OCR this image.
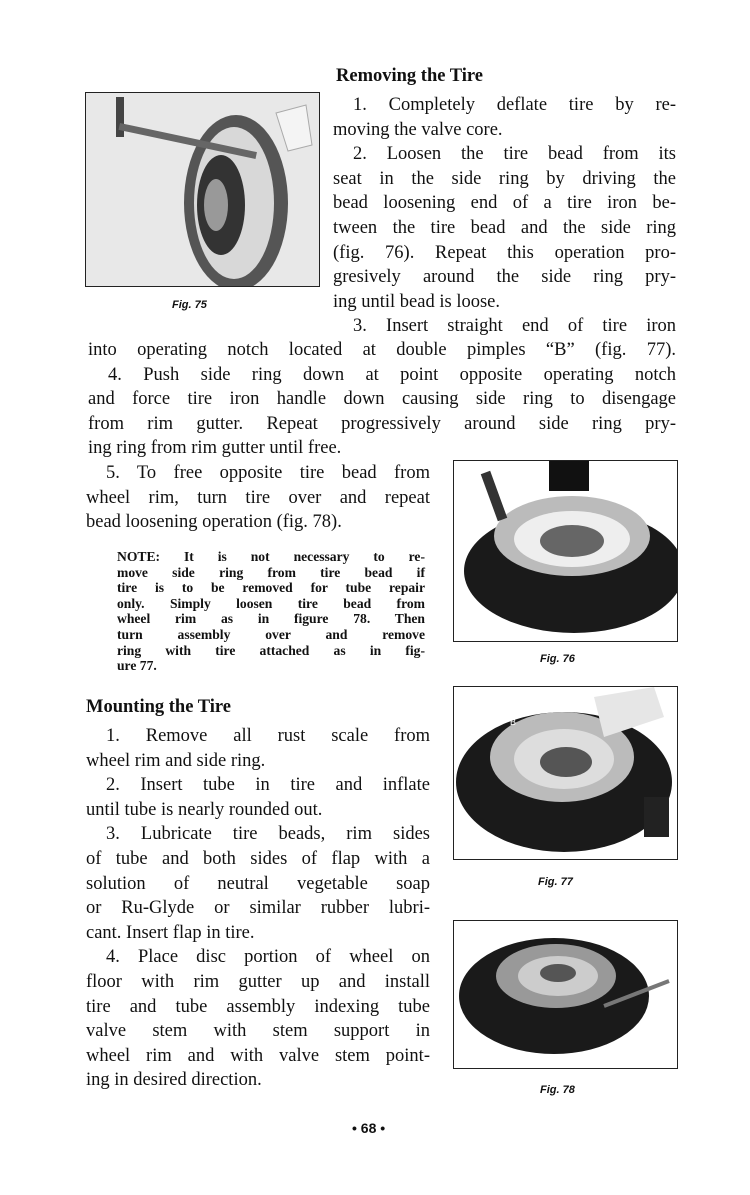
Removing the Tire
1. Completely deflate tire by re-
moving the valve core.
2. Loosen the tire bead from its
seat in the side ring by driving the
bead loosening end of a tire iron be-
tween the tire bead and the side ring
(fig. 76). Repeat this operation pro-
gresively around the side ring pry-
ing until bead is loose.
3. Insert straight end of tire iron
into operating notch located at double pimples “B” (fig. 77).
4. Push side ring down at point opposite operating notch
and force tire iron handle down causing side ring to disengage
from rim gutter. Repeat progressively around side ring pry-
ing ring from rim gutter until free.
5. To free opposite tire bead from
wheel rim, turn tire over and repeat
bead loosening operation (fig. 78).
NOTE: It is not necessary to re-
move side ring from tire bead if
tire is to be removed for tube repair
only. Simply loosen tire bead from
wheel rim as in figure 78. Then
turn assembly over and remove
ring with tire attached as in fig-
ure 77.
Mounting the Tire
1. Remove all rust scale from
wheel rim and side ring.
2. Insert tube in tire and inflate
until tube is nearly rounded out.
3. Lubricate tire beads, rim sides
of tube and both sides of flap with a
solution of neutral vegetable soap
or Ru-Glyde or similar rubber lubri-
cant. Insert flap in tire.
4. Place disc portion of wheel on
floor with rim gutter up and install
tire and tube assembly indexing tube
valve stem with stem support in
wheel rim and with valve stem point-
ing in desired direction.
Fig. 75
Fig. 76
B
Fig. 77
Fig. 78
• 68 •
